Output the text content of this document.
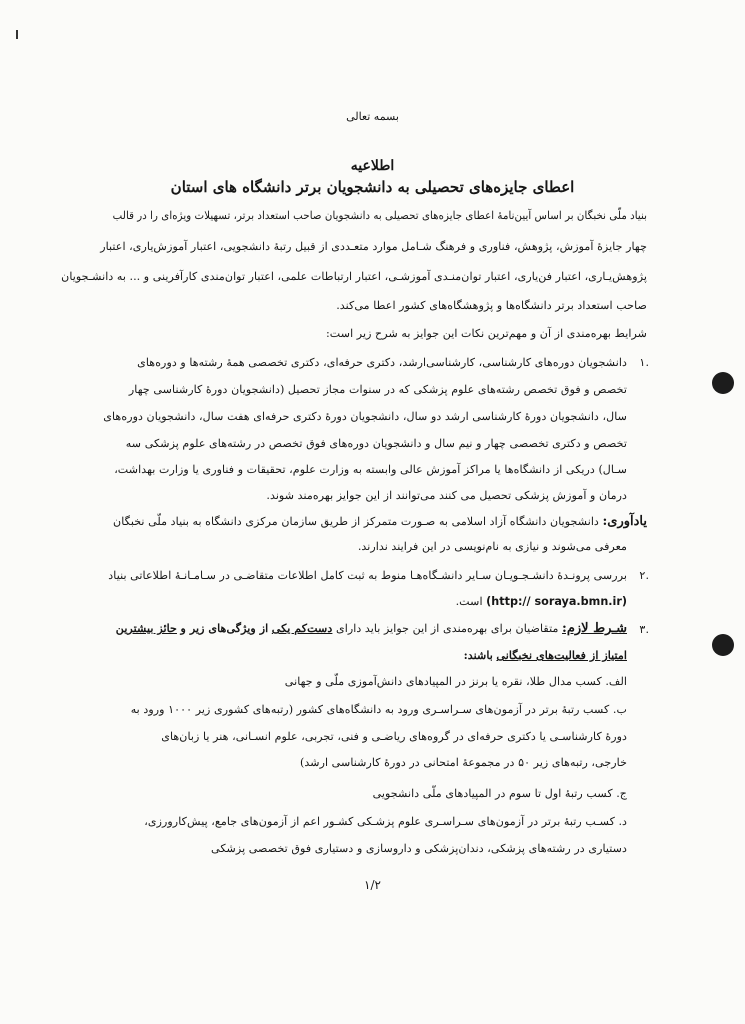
بسمه تعالی
اطلاعیه
اعطای جایزه‌های تحصیلی به دانشجویان برتر دانشگاه های استان
بنیاد ملّی نخبگان بر اساس آیین‌نامهٔ اعطای جایزه‌های تحصیلی به دانشجویان صاحب استعداد برتر، تسهیلات ویژه‌ای را در قالب
چهار جایزهٔ آموزش، پژوهش، فناوری و فرهنگ شـامل موارد متعـددی از قبیل رتبهٔ دانشجویی، اعتبار آموزش‌یاری، اعتبار
پژوهش‌یـاری، اعتبار فن‌یاری، اعتبار توان‌منـدی آموزشـی، اعتبار ارتباطات علمی، اعتبار توان‌مندی کارآفرینی و ... به دانشـجویان
صاحب استعداد برتر دانشگاه‌ها و پژوهشگاه‌های کشور اعطا می‌کند.
شرایط بهره‌مندی از آن و مهم‌ترین نکات این جوایز به شرح زیر است:
.۱
دانشجویان دوره‌های کارشناسی، کارشناسی‌ارشد، دکتری حرفه‌ای، دکتری تخصصی همهٔ رشته‌ها و دوره‌های
تخصص و فوق تخصص رشته‌های علوم پزشکی که در سنوات مجاز تحصیل (دانشجویان دورهٔ کارشناسی چهار
سال، دانشجویان دورهٔ کارشناسی ارشد دو سال، دانشجویان دورهٔ دکتری حرفه‌ای هفت سال، دانشجویان دوره‌های
تخصص و دکتری تخصصی چهار و نیم سال و دانشجویان دوره‌های فوق تخصص در رشته‌های علوم پزشکی سه
سـال) دریکی از دانشگاه‌ها یا مراکز آموزش عالی وابسته به وزارت علوم، تحقیقات و فناوری یا وزارت بهداشت،
درمان و آموزش پزشکی تحصیل می کنند می‌توانند از این جوایز بهره‌مند شوند.
یادآوری: دانشجویان دانشگاه آزاد اسلامی به صـورت متمرکز از طریق سازمان مرکزی دانشگاه به بنیاد ملّی نخبگان
معرفی می‌شوند و نیازی به نام‌نویسی در این فرایند ندارند.
.۲
بررسی پرونـدهٔ دانشـجـویـان سـایر دانشـگاه‌هـا منوط به ثبت کامل اطلاعات متقاضـی در سـامـانـهٔ اطلاعاتی بنیاد
(http:// soraya.bmn.ir) است.
.۳
شـرط لازم: متقاضیان برای بهره‌مندی از این جوایز باید دارای دست‌کم یکی از ویژگی‌های زیر و حائز بیشترین
امتیاز از فعالیت‌های نخبگانی باشند:
الف. کسب مدال طلا، نقره یا برنز در المپیادهای دانش‌آموزی ملّی و جهانی
ب. کسب رتبهٔ برتر در آزمون‌های سـراسـری ورود به دانشگاه‌های کشور (رتبه‌های کشوری زیر ۱۰۰۰ ورود به
دورهٔ کارشناسـی یا دکتری حرفه‌ای در گروه‌های ریاضـی و فنی، تجربی، علوم انسـانی، هنر یا زبان‌های
خارجی، رتبه‌های زیر ۵۰ در مجموعهٔ امتحانی در دورهٔ کارشناسی ارشد)
ج. کسب رتبهٔ اول تا سوم در المپیادهای ملّی دانشجویی
د. کسـب رتبهٔ برتر در آزمون‌های سـراسـری علوم پزشـکی کشـور اعم از آزمون‌های جامع، پیش‌کارورزی،
دستیاری در رشته‌های پزشکی، دندان‌پزشکی و داروسازی و دستیاری فوق تخصصی پزشکی
۱/۲
